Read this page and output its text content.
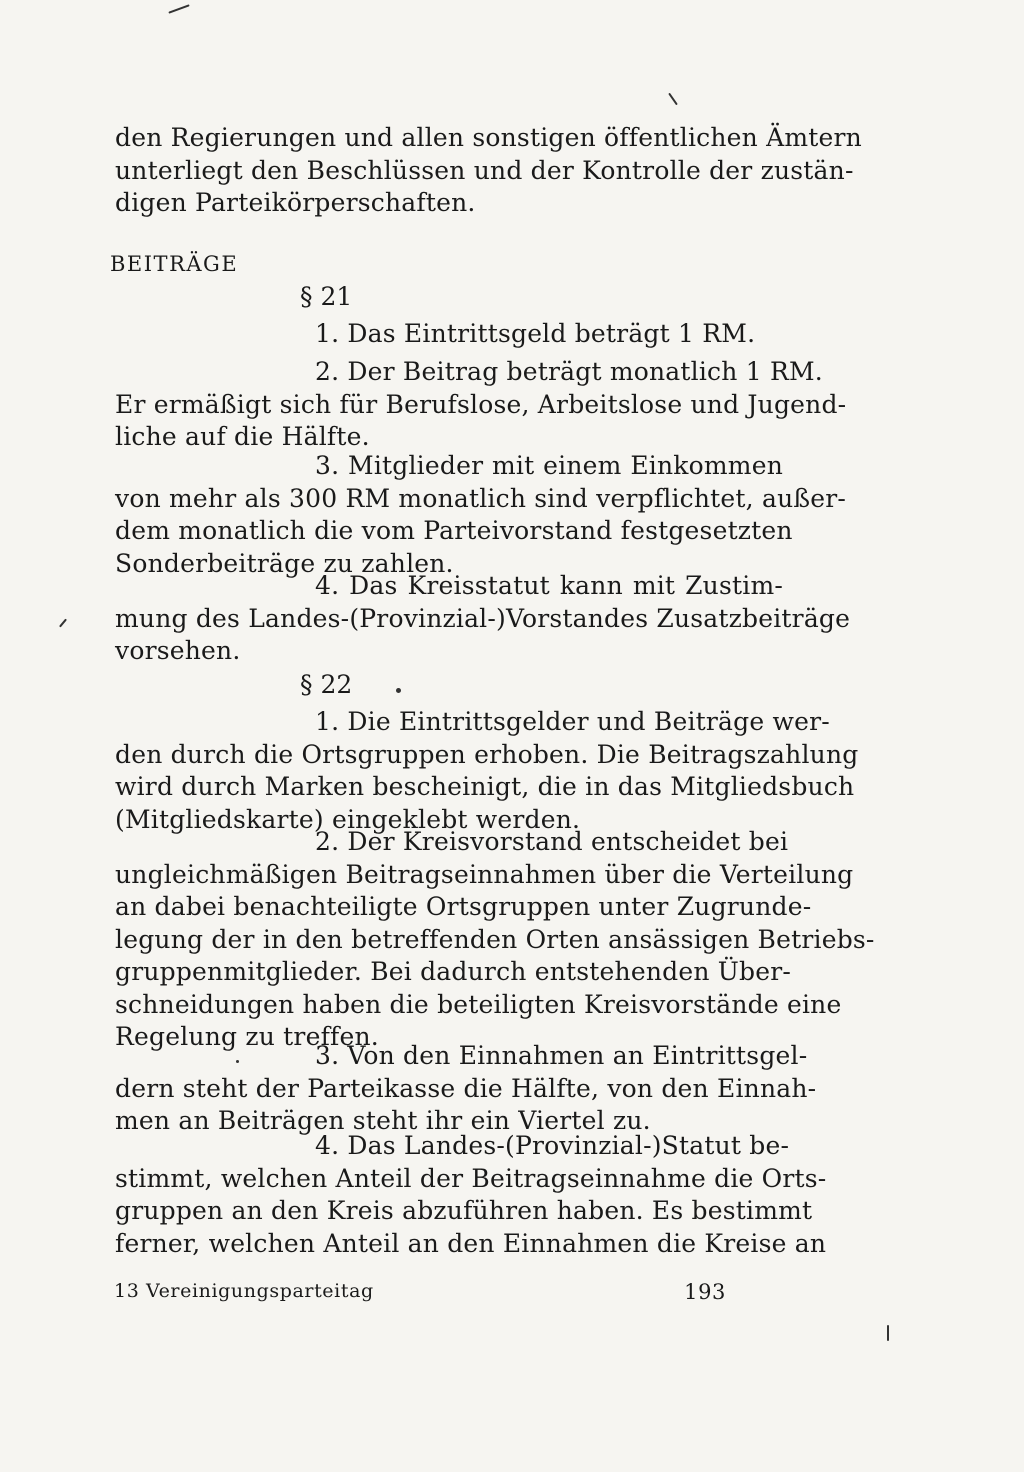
den Regierungen und allen sonstigen öffentlichen Ämtern
unterliegt den Beschlüssen und der Kontrolle der zustän-
digen Parteikörperschaften.
BEITRÄGE
§ 21
1. Das Eintrittsgeld beträgt 1 RM.
2. Der Beitrag beträgt monatlich 1 RM.
Er ermäßigt sich für Berufslose, Arbeitslose und Jugend-
liche auf die Hälfte.
3. Mitglieder mit einem Einkommen
von mehr als 300 RM monatlich sind verpflichtet, außer-
dem monatlich die vom Parteivorstand festgesetzten
Sonderbeiträge zu zahlen.
4. Das Kreisstatut kann mit Zustim-
mung des Landes-(Provinzial-)Vorstandes Zusatzbeiträge
vorsehen.
§ 22
1. Die Eintrittsgelder und Beiträge wer-
den durch die Ortsgruppen erhoben. Die Beitragszahlung
wird durch Marken bescheinigt, die in das Mitgliedsbuch
(Mitgliedskarte) eingeklebt werden.
2. Der Kreisvorstand entscheidet bei
ungleichmäßigen Beitragseinnahmen über die Verteilung
an dabei benachteiligte Ortsgruppen unter Zugrunde-
legung der in den betreffenden Orten ansässigen Betriebs-
gruppenmitglieder. Bei dadurch entstehenden Über-
schneidungen haben die beteiligten Kreisvorstände eine
Regelung zu treffen.
3. Von den Einnahmen an Eintrittsgel-
dern steht der Parteikasse die Hälfte, von den Einnah-
men an Beiträgen steht ihr ein Viertel zu.
4. Das Landes-(Provinzial-)Statut be-
stimmt, welchen Anteil der Beitragseinnahme die Orts-
gruppen an den Kreis abzuführen haben. Es bestimmt
ferner, welchen Anteil an den Einnahmen die Kreise an
13 Vereinigungsparteitag	193
